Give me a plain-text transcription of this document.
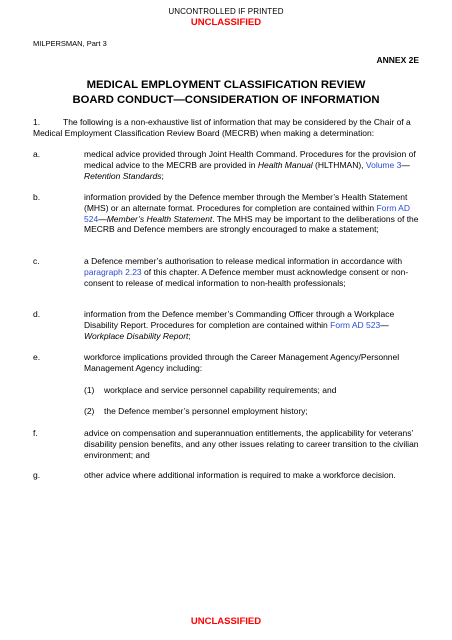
UNCONTROLLED IF PRINTED
UNCLASSIFIED
MILPERSMAN, Part 3
ANNEX 2E
MEDICAL EMPLOYMENT CLASSIFICATION REVIEW
BOARD CONDUCT—CONSIDERATION OF INFORMATION
1.	The following is a non-exhaustive list of information that may be considered by the Chair of a Medical Employment Classification Review Board (MECRB) when making a determination:
a.	medical advice provided through Joint Health Command. Procedures for the provision of medical advice to the MECRB are provided in Health Manual (HLTHMAN), Volume 3—Retention Standards;
b.	information provided by the Defence member through the Member’s Health Statement (MHS) or an alternate format. Procedures for completion are contained within Form AD 524—Member’s Health Statement. The MHS may be important to the deliberations of the MECRB and Defence members are strongly encouraged to make a statement;
c.	a Defence member’s authorisation to release medical information in accordance with paragraph 2.23 of this chapter. A Defence member must acknowledge consent or non-consent to release of medical information to non-health professionals;
d.	information from the Defence member’s Commanding Officer through a Workplace Disability Report. Procedures for completion are contained within Form AD 523—Workplace Disability Report;
e.	workforce implications provided through the Career Management Agency/Personnel Management Agency including:
(1) workplace and service personnel capability requirements; and
(2) the Defence member’s personnel employment history;
f.	advice on compensation and superannuation entitlements, the applicability for veterans’ disability pension benefits, and any other issues relating to career transition to the civilian environment; and
g.	other advice where additional information is required to make a workforce decision.
UNCLASSIFIED
